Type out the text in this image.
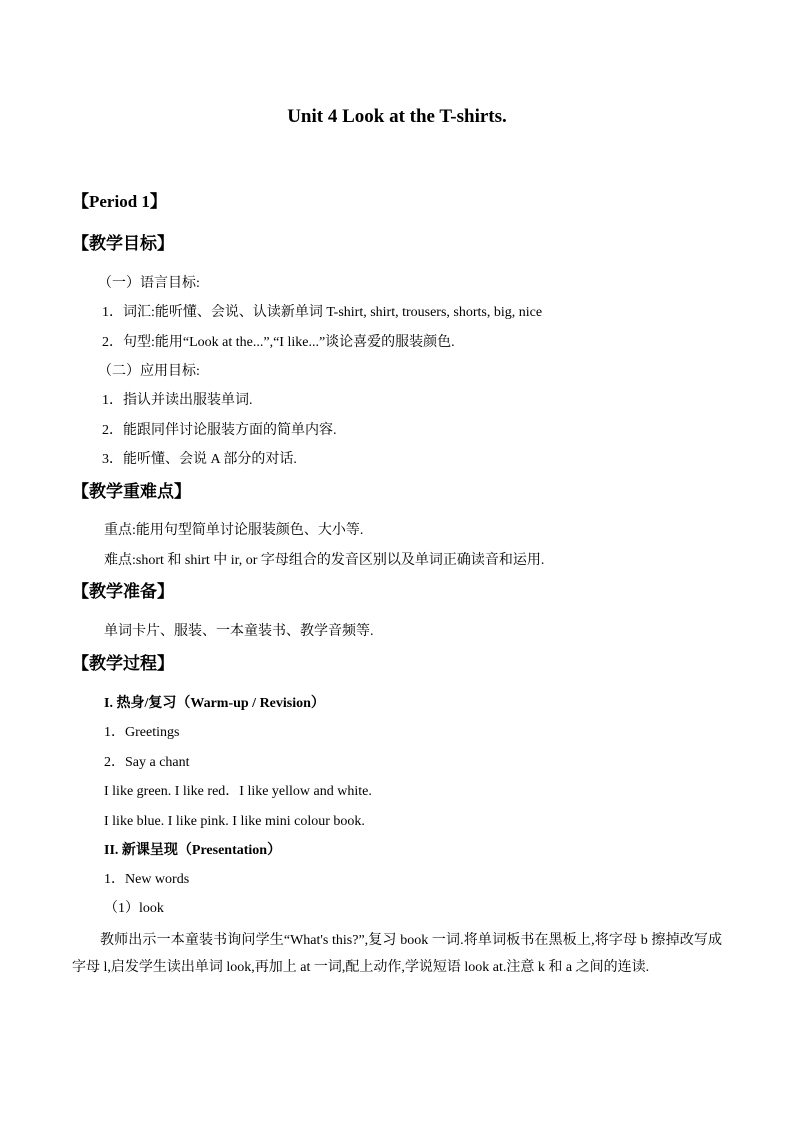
Unit 4 Look at the T-shirts.
【Period 1】
【教学目标】
（一）语言目标:
1．词汇:能听懂、会说、认读新单词 T-shirt, shirt, trousers, shorts, big, nice
2．句型:能用“Look at the...”,“I like...”谈论喜爱的服装颜色.
（二）应用目标:
1．指认并读出服装单词.
2．能跟同伴讨论服装方面的简单内容.
3．能听懂、会说 A 部分的对话.
【教学重难点】
重点:能用句型简单讨论服装颜色、大小等.
难点:short 和 shirt 中 ir, or 字母组合的发音区别以及单词正确读音和运用.
【教学准备】
单词卡片、服装、一本童装书、教学音频等.
【教学过程】
I. 热身/复习（Warm-up / Revision）
1．Greetings
2．Say a chant
I like green. I like red．I like yellow and white.
I like blue. I like pink. I like mini colour book.
II. 新课呈现（Presentation）
1．New words
（1）look
教师出示一本童装书询问学生“What's this?”,复习 book 一词.将单词板书在黑板上,将字母 b 擦掉改写成字母 l,启发学生读出单词 look,再加上 at 一词,配上动作,学说短语 look at.注意 k 和 a 之间的连读.
